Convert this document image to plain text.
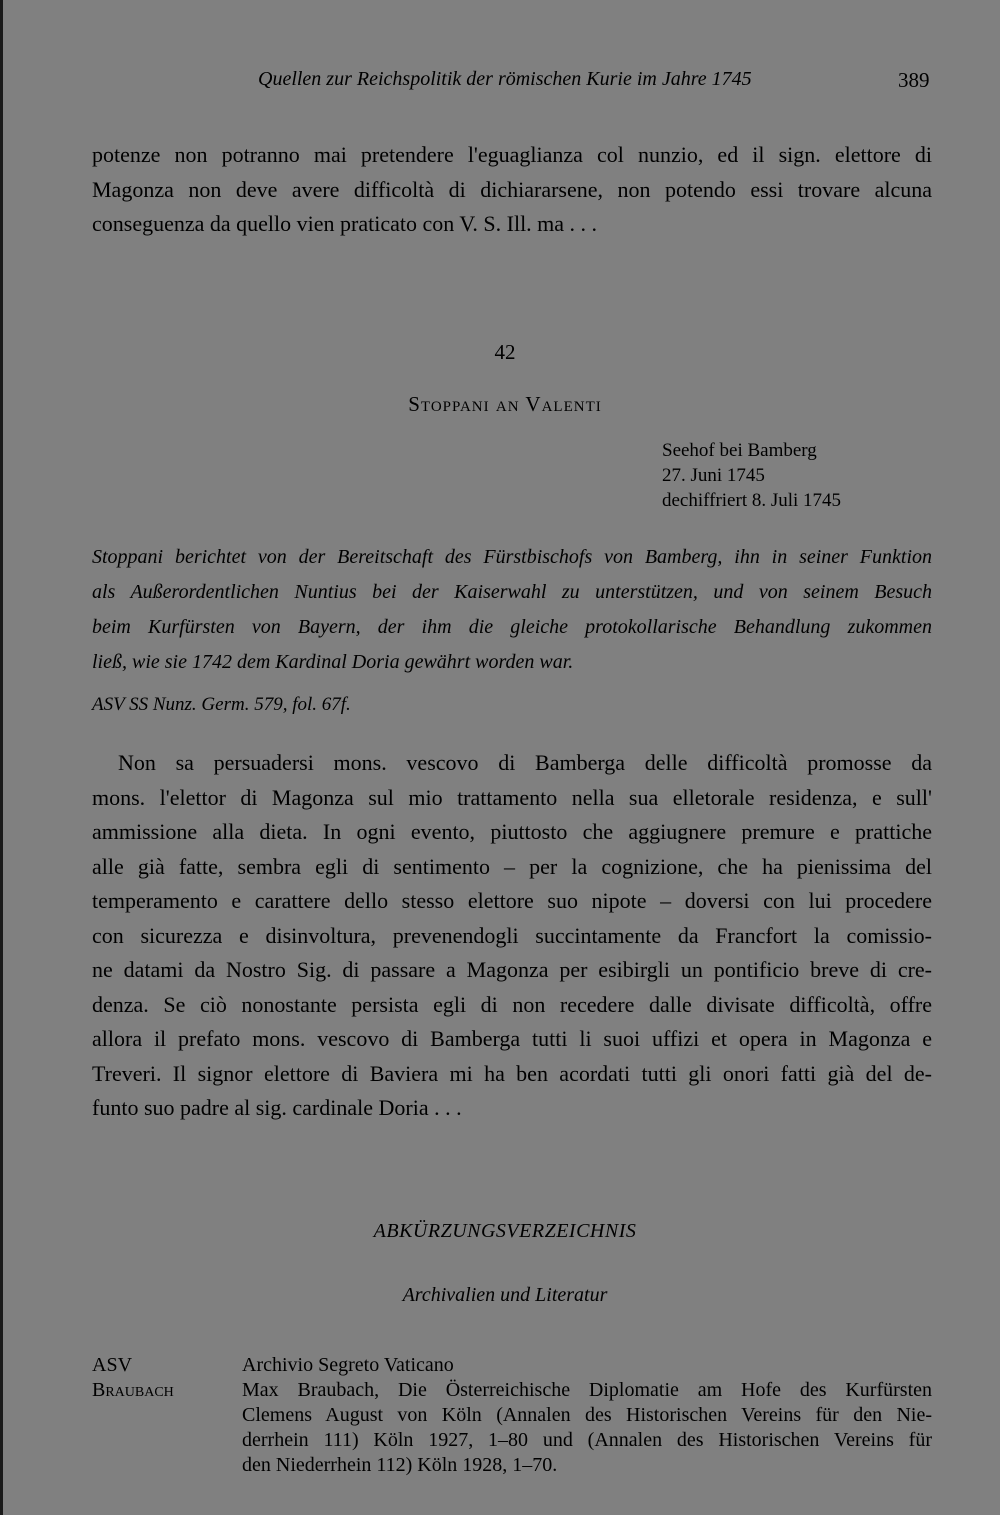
Quellen zur Reichspolitik der römischen Kurie im Jahre 1745	389
potenze non potranno mai pretendere l'eguaglianza col nunzio, ed il sign. elettore di
Magonza non deve avere difficoltà di dichiararsene, non potendo essi trovare alcuna
conseguenza da quello vien praticato con V. S. Ill. ma . . .
42
Stoppani an Valenti
Seehof bei Bamberg
27. Juni 1745
dechiffriert 8. Juli 1745
Stoppani berichtet von der Bereitschaft des Fürstbischofs von Bamberg, ihn in seiner Funktion
als Außerordentlichen Nuntius bei der Kaiserwahl zu unterstützen, und von seinem Besuch
beim Kurfürsten von Bayern, der ihm die gleiche protokollarische Behandlung zukommen
ließ, wie sie 1742 dem Kardinal Doria gewährt worden war.
ASV SS Nunz. Germ. 579, fol. 67f.
Non sa persuadersi mons. vescovo di Bamberga delle difficoltà promosse da
mons. l'elettor di Magonza sul mio trattamento nella sua elletorale residenza, e sull'
ammissione alla dieta. In ogni evento, piuttosto che aggiugnere premure e prattiche
alle già fatte, sembra egli di sentimento – per la cognizione, che ha pienissima del
temperamento e carattere dello stesso elettore suo nipote – doversi con lui procedere
con sicurezza e disinvoltura, prevenendogli succintamente da Francfort la comissio-
ne datami da Nostro Sig. di passare a Magonza per esibirgli un pontificio breve di cre-
denza. Se ciò nonostante persista egli di non recedere dalle divisate difficoltà, offre
allora il prefato mons. vescovo di Bamberga tutti li suoi uffizi et opera in Magonza e
Treveri. Il signor elettore di Baviera mi ha ben acordati tutti gli onori fatti già del de-
funto suo padre al sig. cardinale Doria . . .
ABKÜRZUNGSVERZEICHNIS
Archivalien und Literatur
ASV	Archivio Segreto Vaticano
Braubach	Max Braubach, Die Österreichische Diplomatie am Hofe des Kurfürsten
Clemens August von Köln (Annalen des Historischen Vereins für den Nie-
derrhein 111) Köln 1927, 1–80 und (Annalen des Historischen Vereins für
den Niederrhein 112) Köln 1928, 1–70.
